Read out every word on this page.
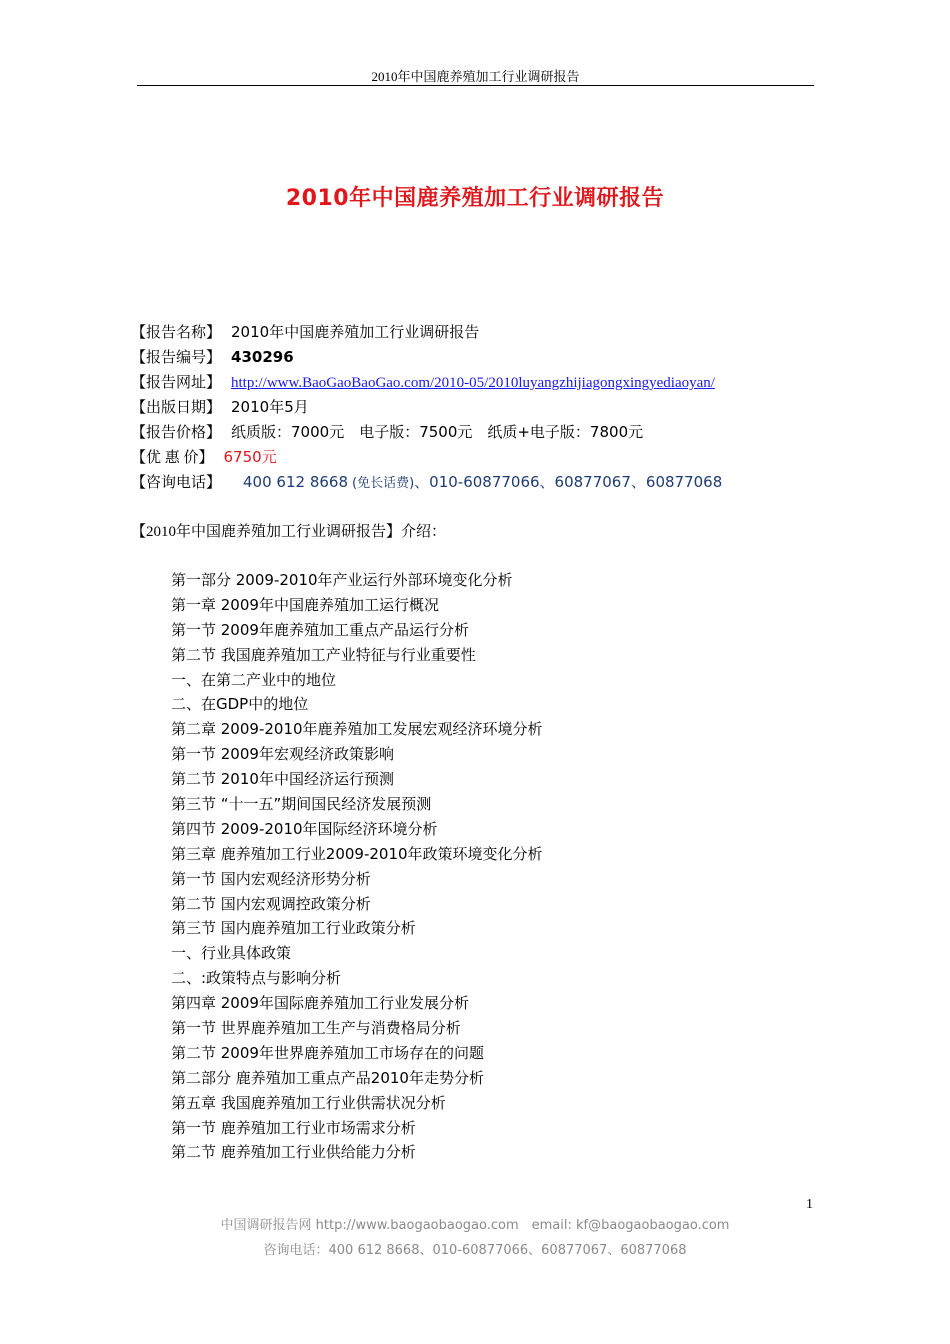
2010年中国鹿养殖加工行业调研报告
2010年中国鹿养殖加工行业调研报告
【报告名称】 2010年中国鹿养殖加工行业调研报告
【报告编号】 430296
【报告网址】 http://www.BaoGaoBaoGao.com/2010-05/2010luyangzhijiagongxingyediaoyan/
【出版日期】 2010年5月
【报告价格】 纸质版：7000元　电子版：7500元　纸质+电子版：7800元
【优 惠 价】 6750元
【咨询电话】 400 612 8668 (免长话费)、010-60877066、60877067、60877068
【2010年中国鹿养殖加工行业调研报告】介绍：
第一部分 2009-2010年产业运行外部环境变化分析
第一章 2009年中国鹿养殖加工运行概况
第一节 2009年鹿养殖加工重点产品运行分析
第二节 我国鹿养殖加工产业特征与行业重要性
一、在第二产业中的地位
二、在GDP中的地位
第二章 2009-2010年鹿养殖加工发展宏观经济环境分析
第一节 2009年宏观经济政策影响
第二节 2010年中国经济运行预测
第三节 “十一五”期间国民经济发展预测
第四节 2009-2010年国际经济环境分析
第三章 鹿养殖加工行业2009-2010年政策环境变化分析
第一节 国内宏观经济形势分析
第二节 国内宏观调控政策分析
第三节 国内鹿养殖加工行业政策分析
一、行业具体政策
二、:政策特点与影响分析
第四章 2009年国际鹿养殖加工行业发展分析
第一节 世界鹿养殖加工生产与消费格局分析
第二节 2009年世界鹿养殖加工市场存在的问题
第二部分 鹿养殖加工重点产品2010年走势分析
第五章 我国鹿养殖加工行业供需状况分析
第一节 鹿养殖加工行业市场需求分析
第二节 鹿养殖加工行业供给能力分析
1
中国调研报告网 http://www.baogaobaogao.com　email: kf@baogaobaogao.com
咨询电话：400 612 8668、010-60877066、60877067、60877068
